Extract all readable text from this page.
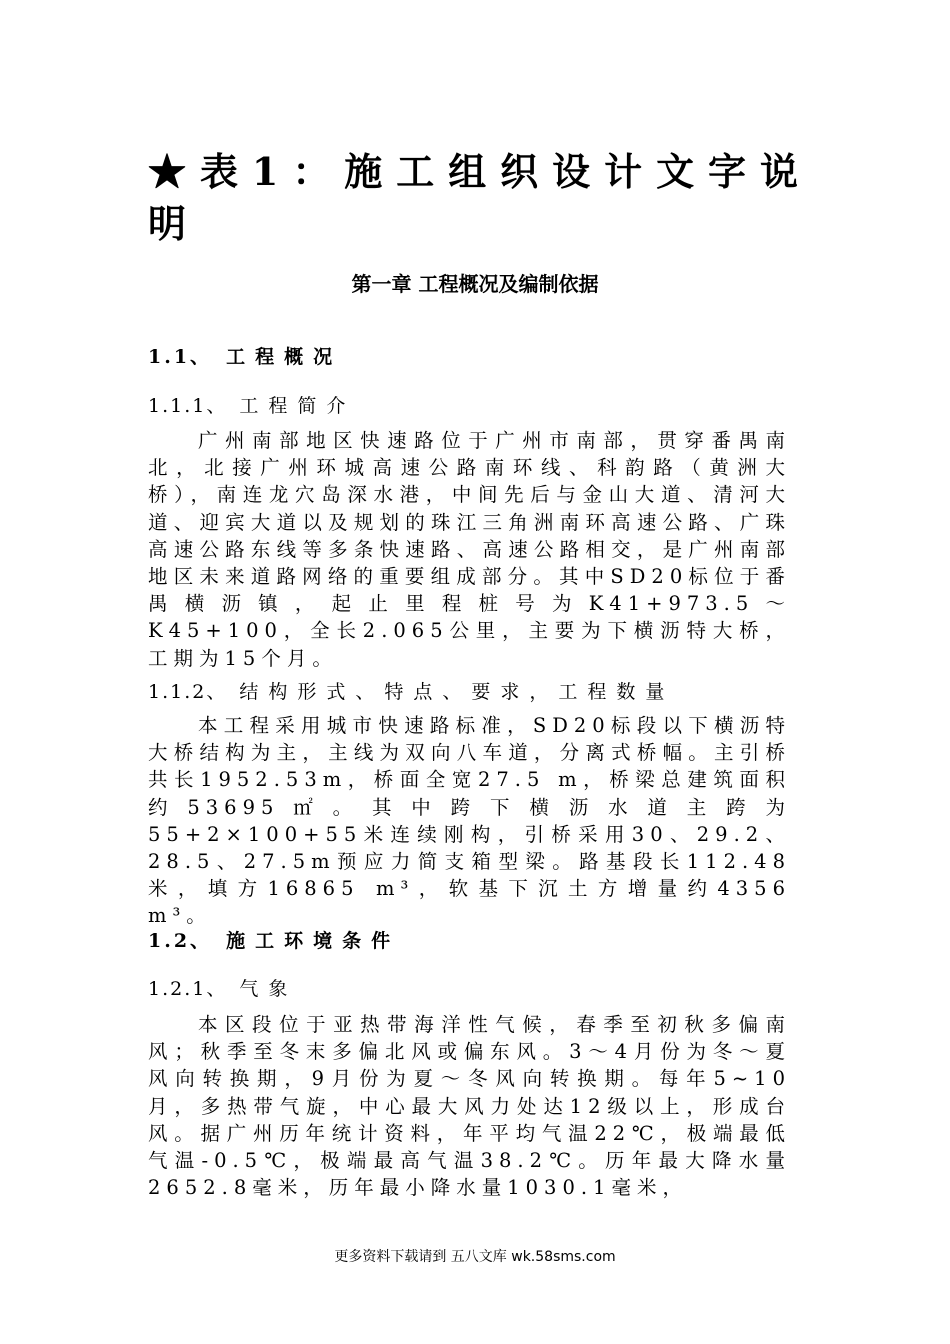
★表1：施工组织设计文字说明
第一章 工程概况及编制依据
1.1、 工程概况
1.1.1、 工程简介

广州南部地区快速路位于广州市南部，贯穿番禺南北，北接广州环城高速公路南环线、科韵路（黄洲大桥），南连龙穴岛深水港，中间先后与金山大道、清河大道、迎宾大道以及规划的珠江三角洲南环高速公路、广珠高速公路东线等多条快速路、高速公路相交，是广州南部地区未来道路网络的重要组成部分。其中SD20标位于番禺横沥镇，起止里程桩号为K41+973.5～K45+100，全长2.065公里，主要为下横沥特大桥，工期为15个月。

1.1.2、 结构形式、特点、要求，工程数量

本工程采用城市快速路标准，SD20标段以下横沥特大桥结构为主，主线为双向八车道，分离式桥幅。主引桥共长1952.53m，桥面全宽27.5 m，桥梁总建筑面积约53695㎡。其中跨下横沥水道主跨为55+2×100+55米连续刚构，引桥采用30、29.2、28.5、27.5m预应力简支箱型梁。路基段长112.48米，填方16865 m³，软基下沉土方增量约4356 m³。

1.2、 施工环境条件
1.2.1、 气象

本区段位于亚热带海洋性气候，春季至初秋多偏南风；秋季至冬末多偏北风或偏东风。3～4月份为冬～夏风向转换期，9月份为夏～冬风向转换期。每年5~10月，多热带气旋，中心最大风力处达12级以上，形成台风。据广州历年统计资料，年平均气温22℃，极端最低气温-0.5℃，极端最高气温38.2℃。历年最大降水量2652.8毫米，历年最小降水量1030.1毫米，

更多资料下载请到 五八文库 wk.58sms.com
